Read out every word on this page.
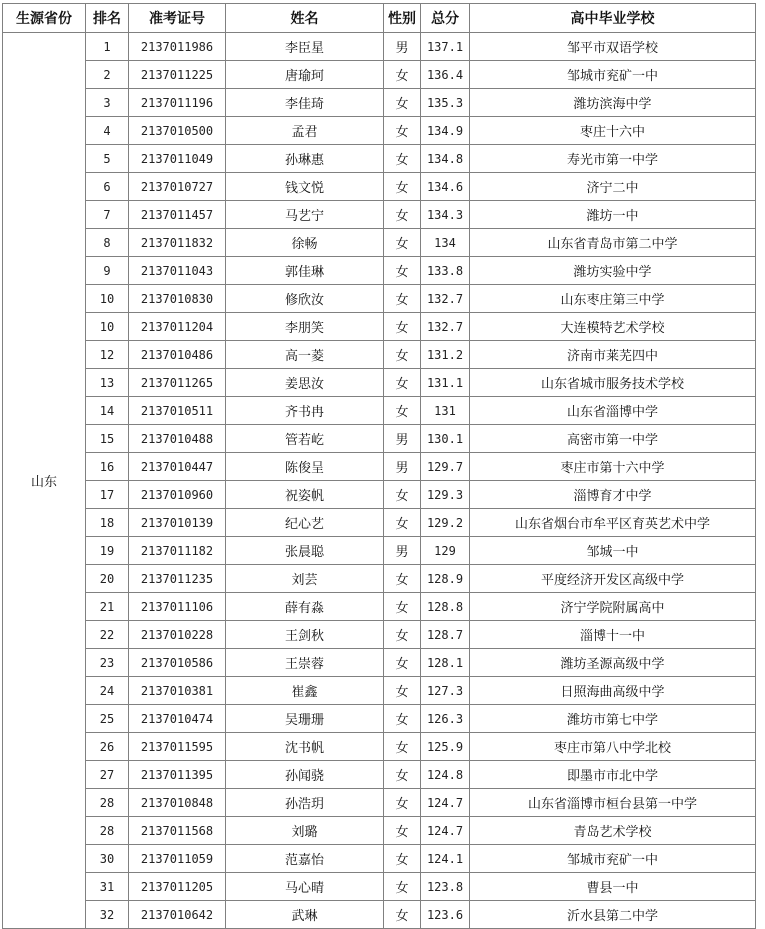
生源省份	排名	准考证号	姓名	性别	总分	高中毕业学校
山东	1	2137011986	李臣星	男	137.1	邹平市双语学校
	2	2137011225	唐瑜珂	女	136.4	邹城市兖矿一中
	3	2137011196	李佳琦	女	135.3	潍坊滨海中学
	4	2137010500	孟君	女	134.9	枣庄十六中
	5	2137011049	孙琳惠	女	134.8	寿光市第一中学
	6	2137010727	钱文悦	女	134.6	济宁二中
	7	2137011457	马艺宁	女	134.3	潍坊一中
	8	2137011832	徐畅	女	134	山东省青岛市第二中学
	9	2137011043	郭佳琳	女	133.8	潍坊实验中学
	10	2137010830	修欣汝	女	132.7	山东枣庄第三中学
	10	2137011204	李朋笑	女	132.7	大连模特艺术学校
	12	2137010486	高一菱	女	131.2	济南市莱芜四中
	13	2137011265	姜思汝	女	131.1	山东省城市服务技术学校
	14	2137010511	齐书冉	女	131	山东省淄博中学
	15	2137010488	管若屹	男	130.1	高密市第一中学
	16	2137010447	陈俊呈	男	129.7	枣庄市第十六中学
	17	2137010960	祝姿帆	女	129.3	淄博育才中学
	18	2137010139	纪心艺	女	129.2	山东省烟台市牟平区育英艺术中学
	19	2137011182	张晨聪	男	129	邹城一中
	20	2137011235	刘芸	女	128.9	平度经济开发区高级中学
	21	2137011106	薛有淼	女	128.8	济宁学院附属高中
	22	2137010228	王剑秋	女	128.7	淄博十一中
	23	2137010586	王崇蓉	女	128.1	潍坊圣源高级中学
	24	2137010381	崔鑫	女	127.3	日照海曲高级中学
	25	2137010474	吴珊珊	女	126.3	潍坊市第七中学
	26	2137011595	沈书帆	女	125.9	枣庄市第八中学北校
	27	2137011395	孙闻骁	女	124.8	即墨市市北中学
	28	2137010848	孙浩玥	女	124.7	山东省淄博市桓台县第一中学
	28	2137011568	刘璐	女	124.7	青岛艺术学校
	30	2137011059	范嘉怡	女	124.1	邹城市兖矿一中
	31	2137011205	马心晴	女	123.8	曹县一中
	32	2137010642	武琳	女	123.6	沂水县第二中学
